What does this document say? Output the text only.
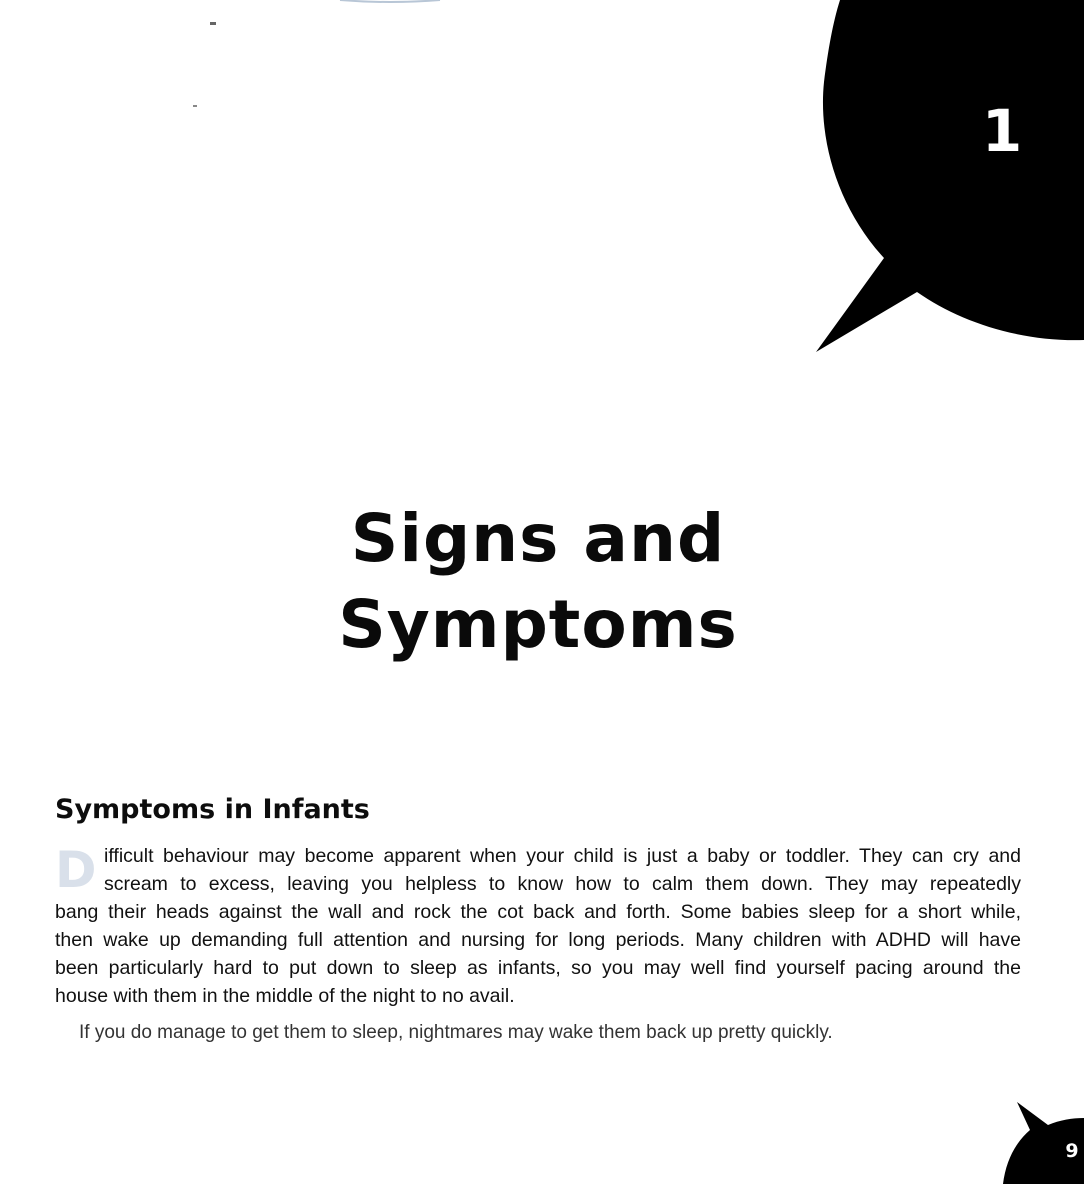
1
Signs and
Symptoms
Symptoms in Infants
D ifficult behaviour may become apparent when your child is just a baby or toddler. They can cry and
scream to excess, leaving you helpless to know how to calm them down. They may repeatedly
bang their heads against the wall and rock the cot back and forth. Some babies sleep for a short while,
then wake up demanding full attention and nursing for long periods. Many children with ADHD will have
been particularly hard to put down to sleep as infants, so you may well find yourself pacing around the
house with them in the middle of the night to no avail.

If you do manage to get them to sleep, nightmares may wake them back up pretty quickly.

9
